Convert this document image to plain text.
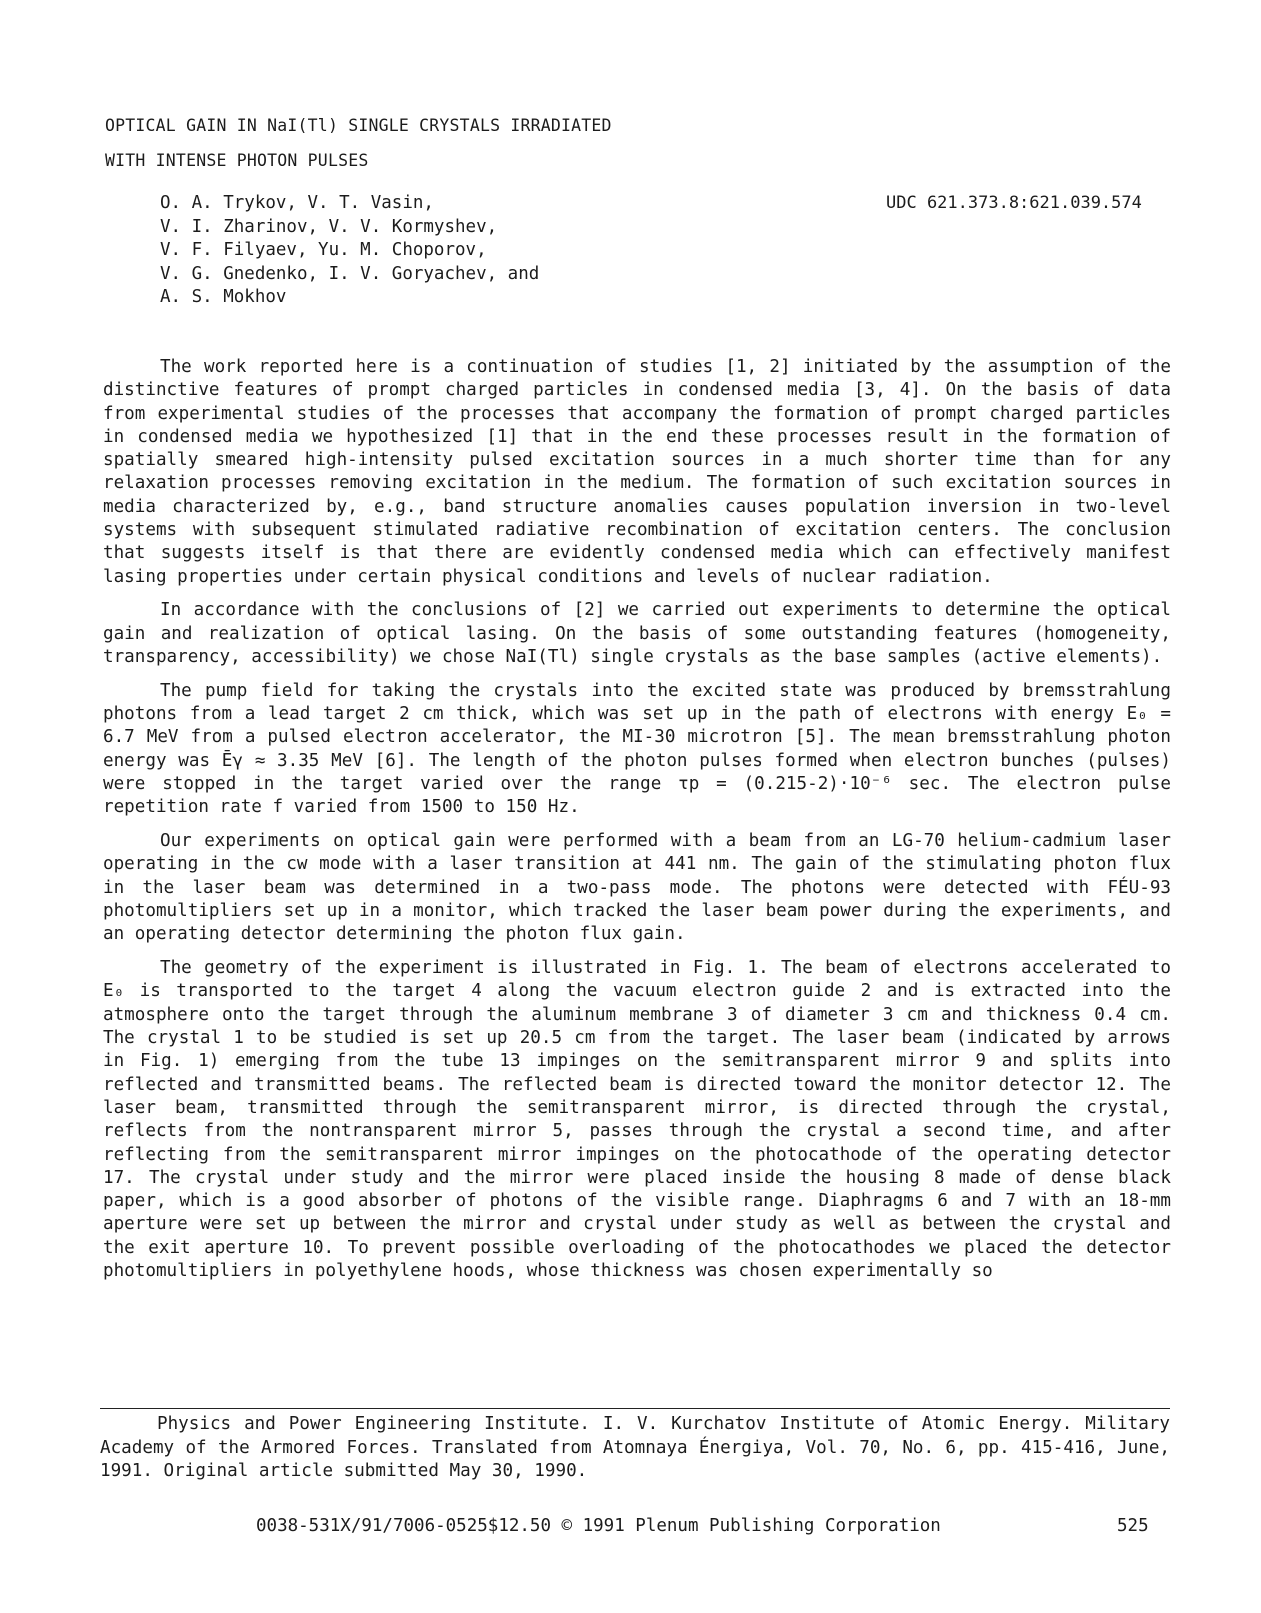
OPTICAL GAIN IN NaI(Tl) SINGLE CRYSTALS IRRADIATED
WITH INTENSE PHOTON PULSES
O. A. Trykov, V. T. Vasin,
V. I. Zharinov, V. V. Kormyshev,
V. F. Filyaev, Yu. M. Choporov,
V. G. Gnedenko, I. V. Goryachev, and
A. S. Mokhov
UDC 621.373.8:621.039.574

The work reported here is a continuation of studies [1, 2] initiated by the assumption of the distinctive features of prompt charged particles in condensed media [3, 4]. On the basis of data from experimental studies of the processes that accompany the formation of prompt charged particles in condensed media we hypothesized [1] that in the end these processes result in the formation of spatially smeared high-intensity pulsed excitation sources in a much shorter time than for any relaxation processes removing excitation in the medium. The formation of such excitation sources in media characterized by, e.g., band structure anomalies causes population inversion in two-level systems with subsequent stimulated radiative recombination of excitation centers. The conclusion that suggests itself is that there are evidently condensed media which can effectively manifest lasing properties under certain physical conditions and levels of nuclear radiation.

In accordance with the conclusions of [2] we carried out experiments to determine the optical gain and realization of optical lasing. On the basis of some outstanding features (homogeneity, transparency, accessibility) we chose NaI(Tl) single crystals as the base samples (active elements).

The pump field for taking the crystals into the excited state was produced by bremsstrahlung photons from a lead target 2 cm thick, which was set up in the path of electrons with energy E₀ = 6.7 MeV from a pulsed electron accelerator, the MI-30 microtron [5]. The mean bremsstrahlung photon energy was Ēγ ≈ 3.35 MeV [6]. The length of the photon pulses formed when electron bunches (pulses) were stopped in the target varied over the range τp = (0.215-2)·10⁻⁶ sec. The electron pulse repetition rate f varied from 1500 to 150 Hz.

Our experiments on optical gain were performed with a beam from an LG-70 helium-cadmium laser operating in the cw mode with a laser transition at 441 nm. The gain of the stimulating photon flux in the laser beam was determined in a two-pass mode. The photons were detected with FÉU-93 photomultipliers set up in a monitor, which tracked the laser beam power during the experiments, and an operating detector determining the photon flux gain.

The geometry of the experiment is illustrated in Fig. 1. The beam of electrons accelerated to E₀ is transported to the target 4 along the vacuum electron guide 2 and is extracted into the atmosphere onto the target through the aluminum membrane 3 of diameter 3 cm and thickness 0.4 cm. The crystal 1 to be studied is set up 20.5 cm from the target. The laser beam (indicated by arrows in Fig. 1) emerging from the tube 13 impinges on the semitransparent mirror 9 and splits into reflected and transmitted beams. The reflected beam is directed toward the monitor detector 12. The laser beam, transmitted through the semitransparent mirror, is directed through the crystal, reflects from the nontransparent mirror 5, passes through the crystal a second time, and after reflecting from the semitransparent mirror impinges on the photocathode of the operating detector 17. The crystal under study and the mirror were placed inside the housing 8 made of dense black paper, which is a good absorber of photons of the visible range. Diaphragms 6 and 7 with an 18-mm aperture were set up between the mirror and crystal under study as well as between the crystal and the exit aperture 10. To prevent possible overloading of the photocathodes we placed the detector photomultipliers in polyethylene hoods, whose thickness was chosen experimentally so

Physics and Power Engineering Institute. I. V. Kurchatov Institute of Atomic Energy. Military Academy of the Armored Forces. Translated from Atomnaya Énergiya, Vol. 70, No. 6, pp. 415-416, June, 1991. Original article submitted May 30, 1990.

0038-531X/91/7006-0525$12.50 © 1991 Plenum Publishing Corporation	525
